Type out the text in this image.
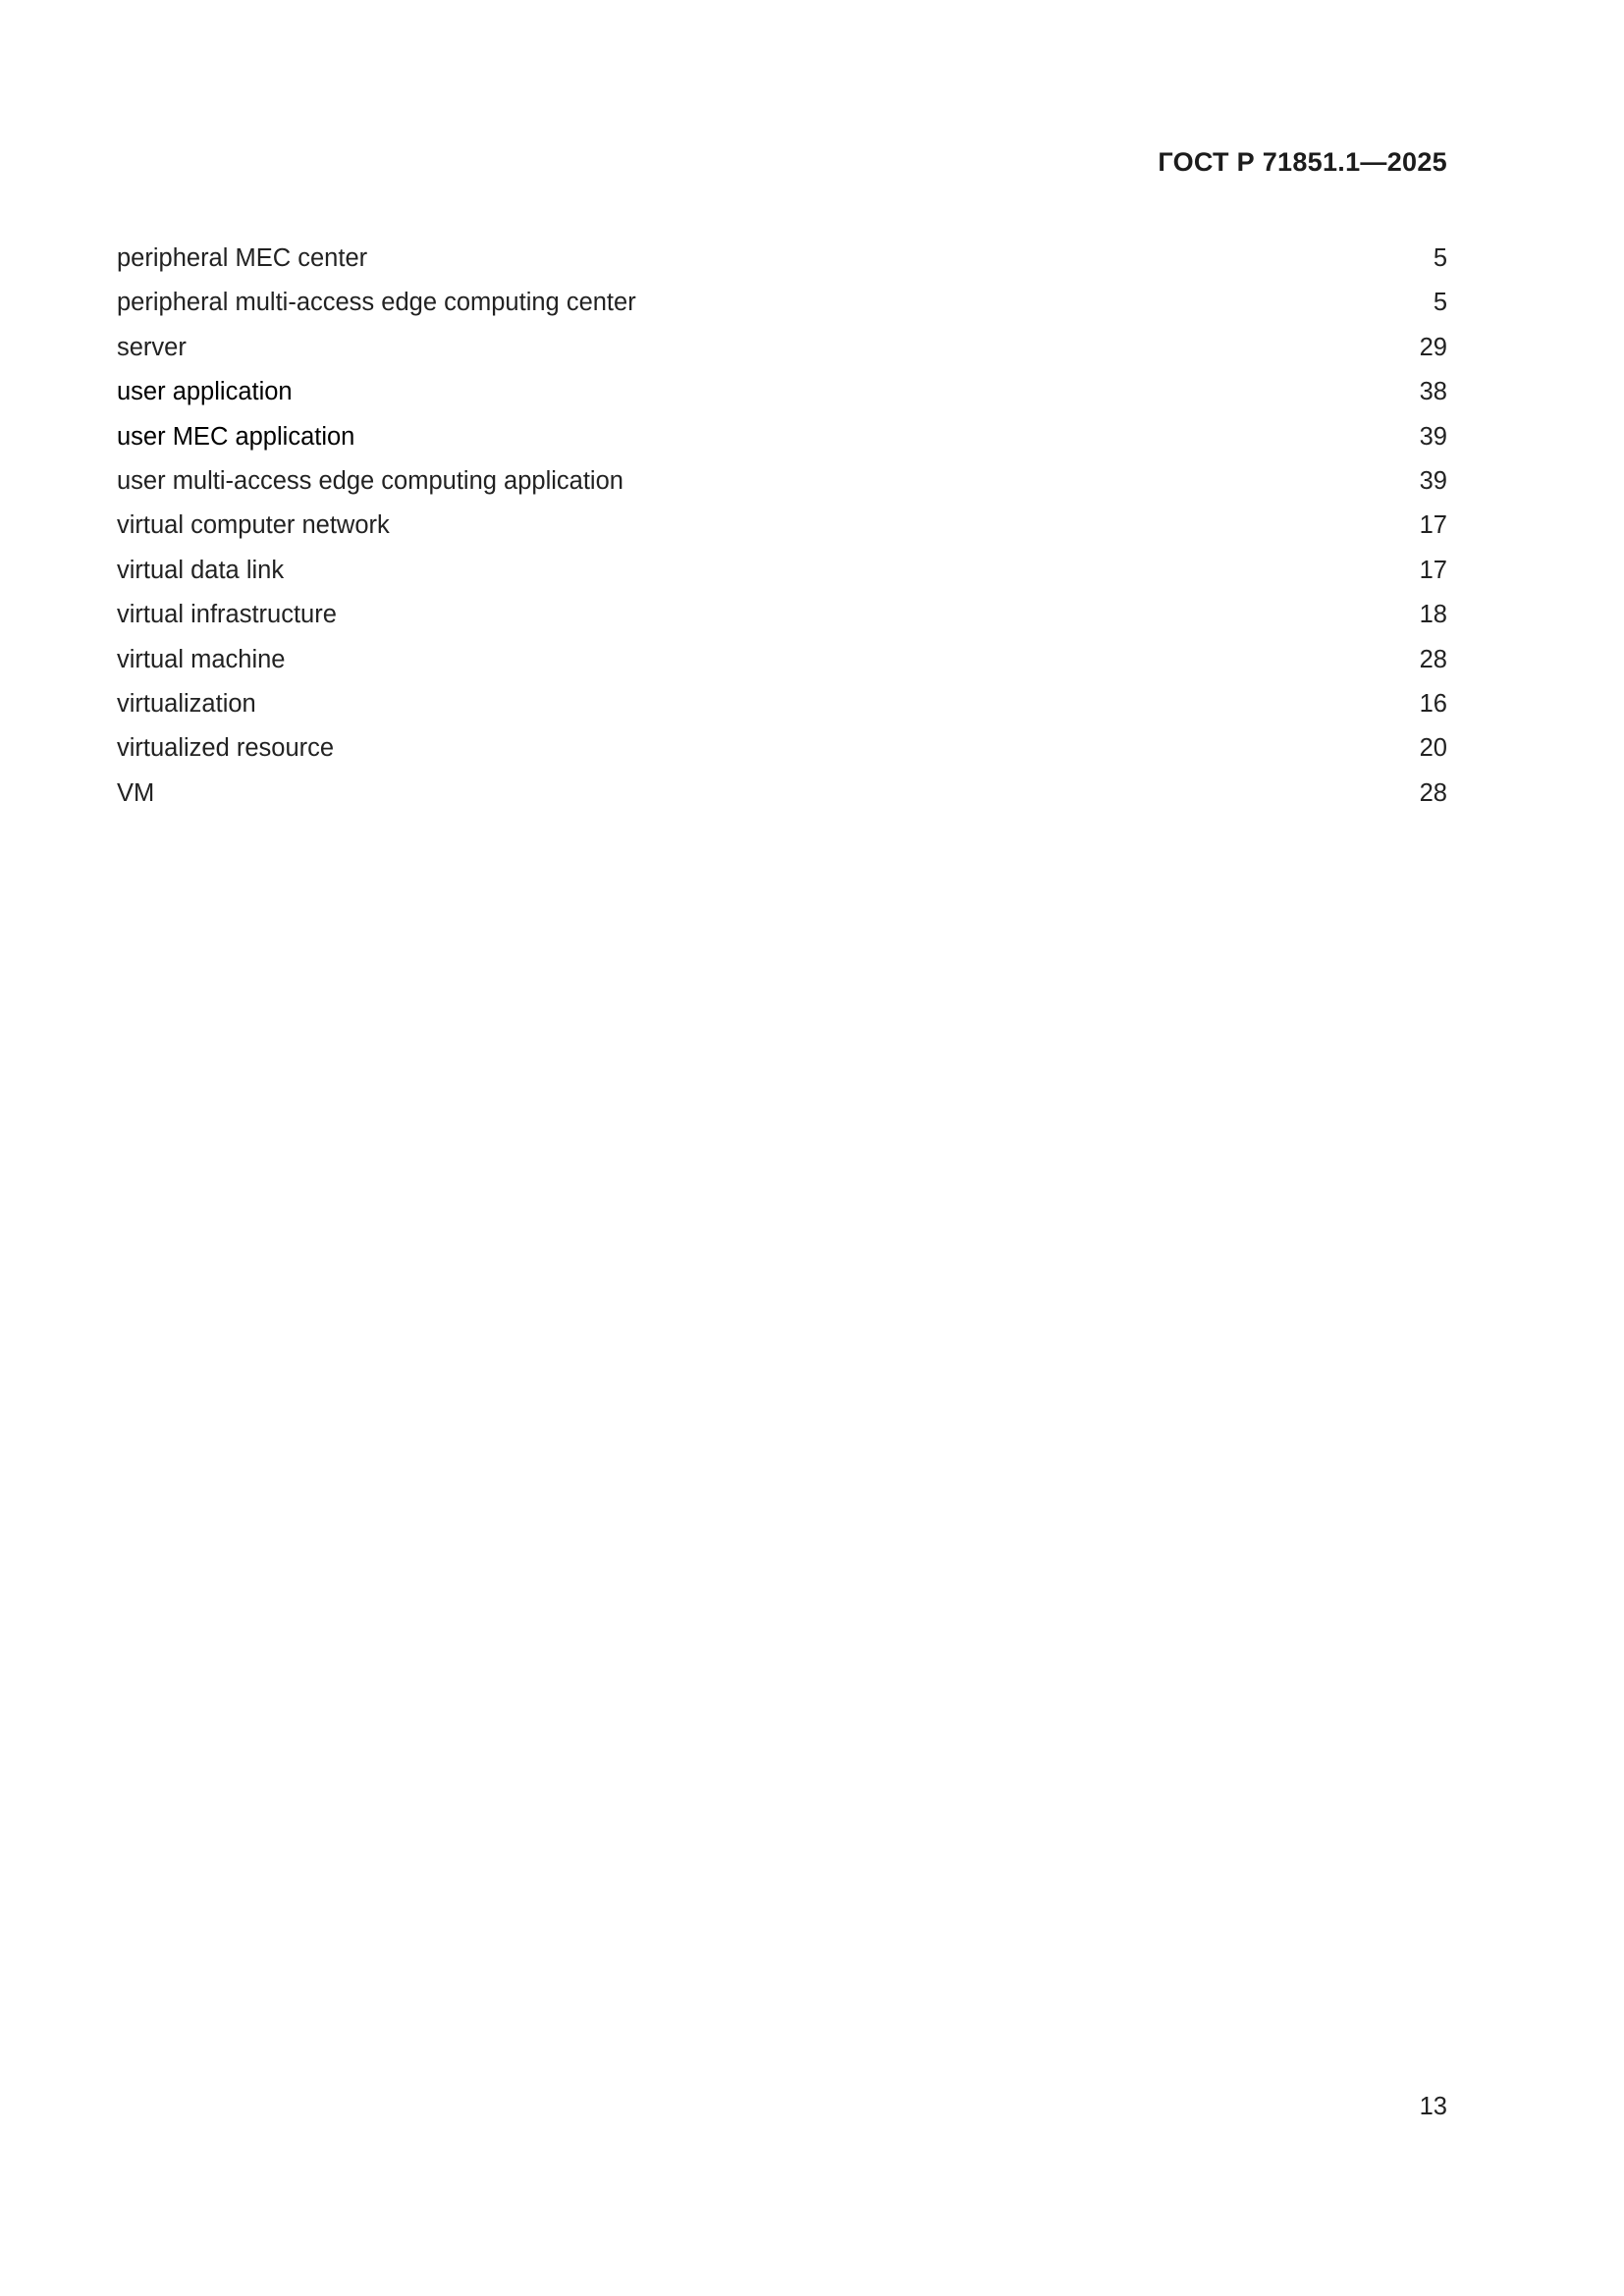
ГОСТ Р 71851.1—2025
peripheral MEC center	5
peripheral multi-access edge computing center	5
server	29
user application	38
user MEC application	39
user multi-access edge computing application	39
virtual computer network	17
virtual data link	17
virtual infrastructure	18
virtual machine	28
virtualization	16
virtualized resource	20
VM	28
13
